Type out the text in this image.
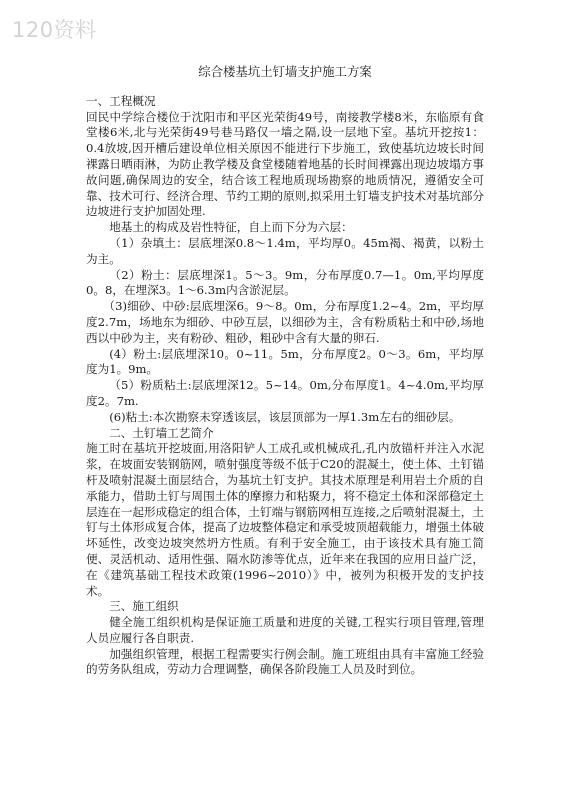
120资料
综合楼基坑土钉墙支护施工方案
一、工程概况

回民中学综合楼位于沈阳市和平区光荣街49号，南接教学楼8米，东临原有食堂楼6米,北与光荣街49号巷马路仅一墙之隔,设一层地下室。基坑开挖按1：0.4放坡,因开槽后建设单位相关原因不能进行下步施工，致使基坑边坡长时间裸露日晒雨淋，为防止教学楼及食堂楼随着地基的长时间裸露出现边坡塌方事故问题,确保周边的安全，结合该工程地质现场勘察的地质情况，遵循安全可靠、技术可行、经济合理、节约工期的原则,拟采用土钉墙支护技术对基坑部分边坡进行支护加固处理.

地基土的构成及岩性特征，自上而下分为六层：

（1）杂填土：层底埋深0.8～1.4m，平均厚0。45m褐、褐黄，以粉土为主。

（2）粉土：层底埋深1。5～3。9m，分布厚度0.7—1。0m,平均厚度0。8，在埋深3。1～6.3m内含淤泥层。

（3)细砂、中砂:层底埋深6。9～8。0m，分布厚度1.2~4。2m，平均厚度2.7m，场地东为细砂、中砂互层，以细砂为主，含有粉质粘土和中砂,场地西以中砂为主，夹有粉砂、粗砂，粗砂中含有大量的卵石.

(4）粉土:层底埋深10。0~11。5m，分布厚度2。0～3。6m，平均厚度为1。9m。

（5）粉质粘土:层底埋深12。5~14。0m,分布厚度1。4~4.0m,平均厚度2。7m.

(6)粘土:本次勘察未穿透该层，该层顶部为一厚1.3m左右的细砂层。

二、土钉墙工艺简介

施工时在基坑开挖坡面,用洛阳铲人工成孔或机械成孔,孔内放锚杆并注入水泥浆，在坡面安装钢筋网，喷射强度等级不低于C20的混凝土，使土体、土钉锚杆及喷射混凝土面层结合，为基坑土钉支护。其技术原理是利用岩土介质的自承能力，借助土钉与周围土体的摩擦力和粘聚力，将不稳定土体和深部稳定土层连在一起形成稳定的组合体，土钉端与钢筋网相互连接,之后喷射混凝土，土钉与土体形成复合体，提高了边坡整体稳定和承受坡顶超载能力，增强土体破坏延性，改变边坡突然坍方性质。有利于安全施工，由于该技术具有施工简便、灵活机动、适用性强、隔水防渗等优点，近年来在我国的应用日益广泛，在《建筑基础工程技术政策(1996~2010）》中，被列为积极开发的支护技术。

三、施工组织

健全施工组织机构是保证施工质量和进度的关键,工程实行项目管理,管理人员应履行各自职责.

加强组织管理，根据工程需要实行例会制。施工班组由具有丰富施工经验的劳务队组成，劳动力合理调整，确保各阶段施工人员及时到位。
